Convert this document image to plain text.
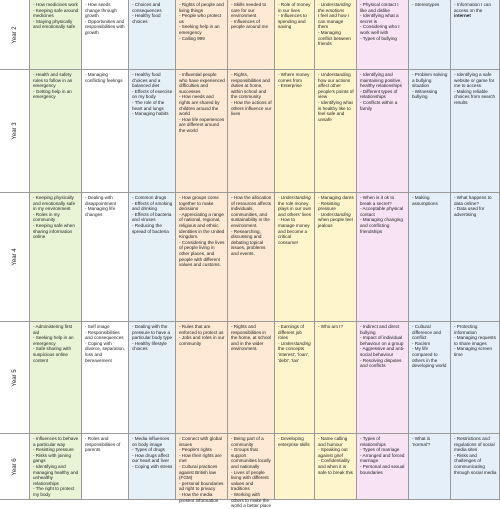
Year 2
- How medicines work
- Keeping safe around medicines
- Staying physically and emotionally safe
- How seeds change through growth
- Opportunities and responsibilities with growth
- Choices and consequences
- Healthy food choices
- Rights of people and living things
- People who protect us
- Seeking help in an emergency
- Calling 999
- Skills needed to care for our environment
- Influences of people around me
- Role of money in our lives
- Influences to spending and saving
- Understanding the emotions
I feel and how I can manage them
- Managing conflict between friends
- Physical contact I like and dislike
- Identifying what a secret is
- Considering who I work well with
- Types of bullying
- Stereotypes	- Information I can access on the
internet
Year 3
- Health and safety rules to follow in an emergency
- Getting help in an emergency
- Managing conflicting feelings
- Healthy food choices and a balanced diet
- Effects of exercise on my body
- The role of the heart and lungs
- Managing habits
- Influential people who have experienced difficulties and successes
- How needs and rights are shared by children around the world
- How life experiences are different around the world
- Rights, responsibilities and duties at home, within school and the community
- How the actions of others influence our lives
- Where money comes from
- Enterprise
- Understanding how our actions affect other people's points of view
- Identifying what is healthy like to feel safe and unsafe
- Identifying and maintaining positive, healthy relationships
- Different types of relationships
- Conflicts within a family
- Problem solving a bullying situation
- Witnessing bullying
- Identifying a safe website or game for me to access
- Making reliable choices from search results
Year 4
- Keeping physically and emotionally safe in my environment
- Roles in my community
- Keeping safe when sharing information online
- Dealing with disappointment
- Managing life changes
- Common drugs
- Effects of smoking and drinking
- Effects of bacteria and viruses
- Reducing the spread of bacteria
- How groups come together to make decisions
- Appreciating a range of national, regional, religious and ethnic identities in the United Kingdom.
- Considering the lives of people living in other places, and people with different values and customs.
- How the allocation of resources affects individuals, communities, and sustainability in the environment.
- Researching, discussing and debating topical issues, problems and events.
- Understanding
the role money plays in our own and others' lives
- How to manage money and become a critical consumer
- Managing dares
- Resisting pressure
- Understanding
when people feel jealous
- When is it ok to break a secret?
- Acceptable physical contact
- Managing changing and conflicting friendships
- Making assumptions
- What happens to data online?
- Data used for advertising
Year 5
- Administering first aid
- Seeking help in an emergency
- Safe sharing with suspicious online content
- Self image
- Responsibilities and consequences
- Coping with divorce, separation, loss and bereavement
- Dealing with the pressure to have a particular body type
- Healthy lifestyle choices
- Rules that are enforced to protect us
- Jobs and roles in our community
- Rights and responsibilities in the home, at school and in the wider environment.
- Earnings of different job roles
- Understanding
the concepts 'interest', 'loan', 'debt', 'tax'
- Who am I?	- Indirect and direct bullying
- Impact of individual behaviour on a group
- Aggressive and anti-social behaviour
- Resolving disputes and conflicts
- Cultural difference and conflict
- Racism
- My life compared to others in the developing world
- Protecting information
- Managing requests to share images
- Managing screen time
Year 6
- Influences to behave a particular way
- Resisting pressure
- Risks with joining gangs
- Identifying and managing healthy and unhealthy relationships
- The right to protect my body
- Roles and responsibilities of parents
- Media influences on body image
- Types of drugs
- How drugs affect our heart and liver
- Coping with stress
- Connect with global issues
- People's rights
- How their rights are met
- Cultural practices against British law (FGM)
- personal boundaries ad right to privacy
- How the media present information
- Being part of a community
- Groups that support communities locally and nationally
- Lives of people living with different values and traditions
- Working with others to make the world a better place
- Developing enterprise skills
- Name calling and humour
- Speaking out against grief
- Confidentiality and when it is safe to break this
- Types of relationships
- Types of marriage
- Arranged and forced marriage
- Personal and sexual boundaries
- What is 'normal'?
- Restrictions and regulations of social media sites
- Risks and challenges of communicating through social media
